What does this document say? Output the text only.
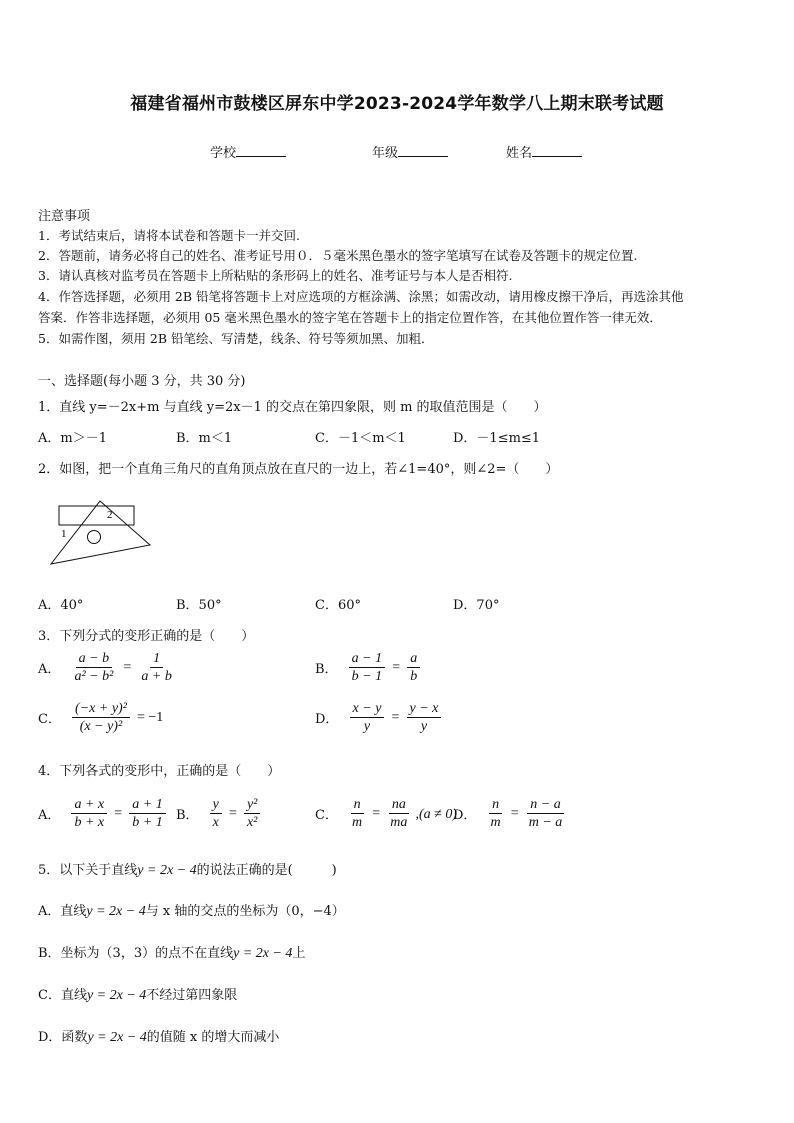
福建省福州市鼓楼区屏东中学2023-2024学年数学八上期末联考试题
学校	年级	姓名
注意事项
1．考试结束后，请将本试卷和答题卡一并交回.
2．答题前，请务必将自己的姓名、准考证号用０．５毫米黑色墨水的签字笔填写在试卷及答题卡的规定位置.
3．请认真核对监考员在答题卡上所粘贴的条形码上的姓名、准考证号与本人是否相符.
4．作答选择题，必须用 2B 铅笔将答题卡上对应选项的方框涂满、涂黑；如需改动，请用橡皮擦干净后，再选涂其他
答案．作答非选择题，必须用 05 毫米黑色墨水的签字笔在答题卡上的指定位置作答，在其他位置作答一律无效．
5．如需作图，须用 2B 铅笔绘、写清楚，线条、符号等须加黑、加粗．
一、选择题(每小题 3 分，共 30 分)
1．直线 y=－2x+m 与直线 y=2x－1 的交点在第四象限，则 m 的取值范围是（　　）
A．m＞－1	B．m＜1	C．－1＜m＜1	D．－1≤m≤1
2．如图，把一个直角三角尺的直角顶点放在直尺的一边上，若∠1=40°，则∠2=（　　）
1
2
A．40°	B．50°	C．60°	D．70°
3．下列分式的变形正确的是（　　）
A． $\frac{a - b}{\text{a² − b²}} = \frac{1}{a + b}$	B． $\frac{a - 1}{b - 1} = \frac{a}{b}$
C． $\frac{\text{(−x + y)²}}{\text{(x − y)²}} = -1$	D． $\frac{x - y}{y} = \frac{y - x}{y}$
4．下列各式的变形中，正确的是（　　）
A． $\frac{a + x}{b + x} = \frac{a + 1}{b + 1}$ B． $\frac{y}{x} = \frac{\text{y²}}{\text{x²}}$	C． $\frac{n}{m} = \frac{na}{ma} ,(a \ne 0)$
D． $\frac{n}{m} = \frac{n - a}{m - a}$
5．以下关于直线y = 2x − 4的说法正确的是(　　　)
A．直线y = 2x − 4与 x 轴的交点的坐标为（0，−4）
B．坐标为（3，3）的点不在直线y = 2x − 4上
C．直线y = 2x − 4不经过第四象限
D．函数y = 2x − 4的值随 x 的增大而减小
